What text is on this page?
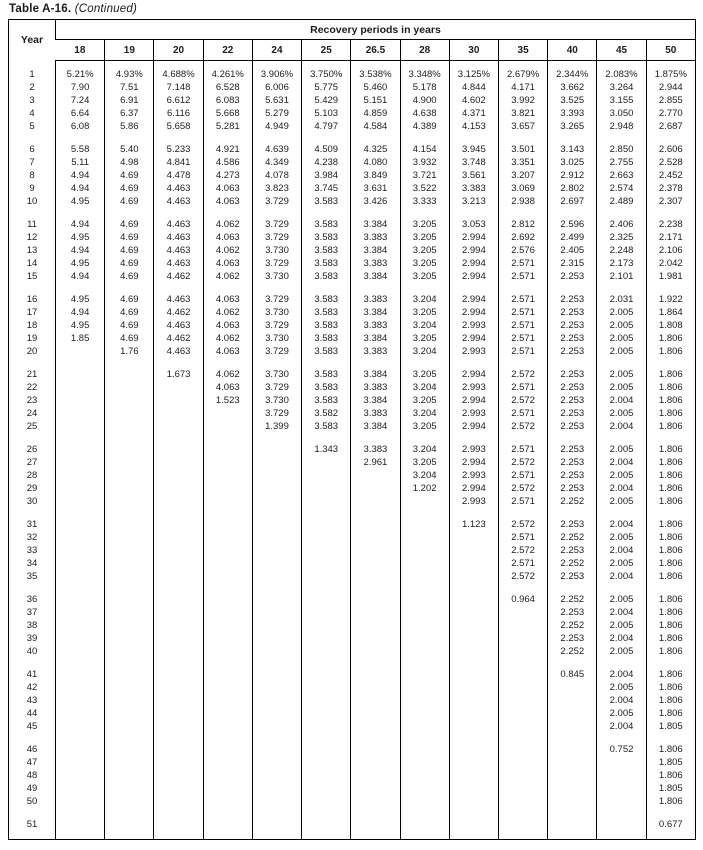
Table A-16. (Continued)

Year	Recovery periods in years												
	18	19	20	22	24	25	26.5	28	30	35	40	45	50

1	5.21%	4.93%	4.688%	4.261%	3.906%	3.750%	3.538%	3.348%	3.125%	2.679%	2.344%	2.083%	1.875%
2	7.90	7.51	7.148	6.528	6.006	5.775	5.460	5.178	4.844	4.171	3.662	3.264	2.944
3	7.24	6.91	6.612	6.083	5.631	5.429	5.151	4.900	4.602	3.992	3.525	3.155	2.855
4	6.64	6.37	6.116	5.668	5.279	5.103	4.859	4.638	4.371	3.821	3.393	3.050	2.770
5	6.08	5.86	5.658	5.281	4.949	4.797	4.584	4.389	4.153	3.657	3.265	2.948	2.687

6	5.58	5.40	5.233	4.921	4.639	4.509	4.325	4.154	3.945	3.501	3.143	2.850	2.606
7	5.11	4.98	4.841	4.586	4.349	4.238	4.080	3.932	3.748	3.351	3.025	2.755	2.528
8	4.94	4.69	4.478	4.273	4.078	3.984	3.849	3.721	3.561	3.207	2.912	2.663	2.452
9	4.94	4.69	4.463	4.063	3.823	3.745	3.631	3.522	3.383	3.069	2.802	2.574	2.378
10	4.95	4.69	4.463	4.063	3.729	3.583	3.426	3.333	3.213	2.938	2.697	2.489	2.307

11	4.94	4.69	4.463	4.062	3.729	3.583	3.384	3.205	3.053	2.812	2.596	2.406	2.238
12	4.95	4.69	4.463	4.063	3.729	3.583	3.383	3.205	2.994	2.692	2.499	2.325	2.171
13	4.94	4.69	4.463	4.062	3.730	3.583	3.384	3.205	2.994	2.576	2.405	2.248	2.106
14	4.95	4.69	4.463	4.063	3.729	3.583	3.383	3.205	2.994	2.571	2.315	2.173	2.042
15	4.94	4.69	4.462	4.062	3.730	3.583	3.384	3.205	2.994	2.571	2.253	2.101	1.981

16	4.95	4.69	4.463	4.063	3.729	3.583	3.383	3.204	2.994	2.571	2.253	2.031	1.922
17	4.94	4.69	4.462	4.062	3.730	3.583	3.384	3.205	2.994	2.571	2.253	2.005	1.864
18	4.95	4.69	4.463	4.063	3.729	3.583	3.383	3.204	2.993	2.571	2.253	2.005	1.808
19	1.85	4.69	4.462	4.062	3.730	3.583	3.384	3.205	2.994	2.571	2.253	2.005	1.806
20		1.76	4.463	4.063	3.729	3.583	3.383	3.204	2.993	2.571	2.253	2.005	1.806

21			1.673	4.062	3.730	3.583	3.384	3.205	2.994	2.572	2.253	2.005	1.806
22				4.063	3.729	3.583	3.383	3.204	2.993	2.571	2.253	2.005	1.806
23				1.523	3.730	3.583	3.384	3.205	2.994	2.572	2.253	2.004	1.806
24					3.729	3.582	3.383	3.204	2.993	2.571	2.253	2.005	1.806
25					1.399	3.583	3.384	3.205	2.994	2.572	2.253	2.004	1.806

26						1.343	3.383	3.204	2.993	2.571	2.253	2.005	1.806
27							2.961	3.205	2.994	2.572	2.253	2.004	1.806
28								3.204	2.993	2.571	2.253	2.005	1.806
29								1.202	2.994	2.572	2.253	2.004	1.806
30									2.993	2.571	2.252	2.005	1.806

31									1.123	2.572	2.253	2.004	1.806
32										2.571	2.252	2.005	1.806
33										2.572	2.253	2.004	1.806
34										2.571	2.252	2.005	1.806
35										2.572	2.253	2.004	1.806

36										0.964	2.252	2.005	1.806
37											2.253	2.004	1.806
38											2.252	2.005	1.806
39											2.253	2.004	1.806
40											2.252	2.005	1.806

41											0.845	2.004	1.806
42												2.005	1.806
43												2.004	1.806
44												2.005	1.806
45												2.004	1.805

46												0.752	1.806
47													1.805
48													1.806
49													1.805
50													1.806

51													0.677
